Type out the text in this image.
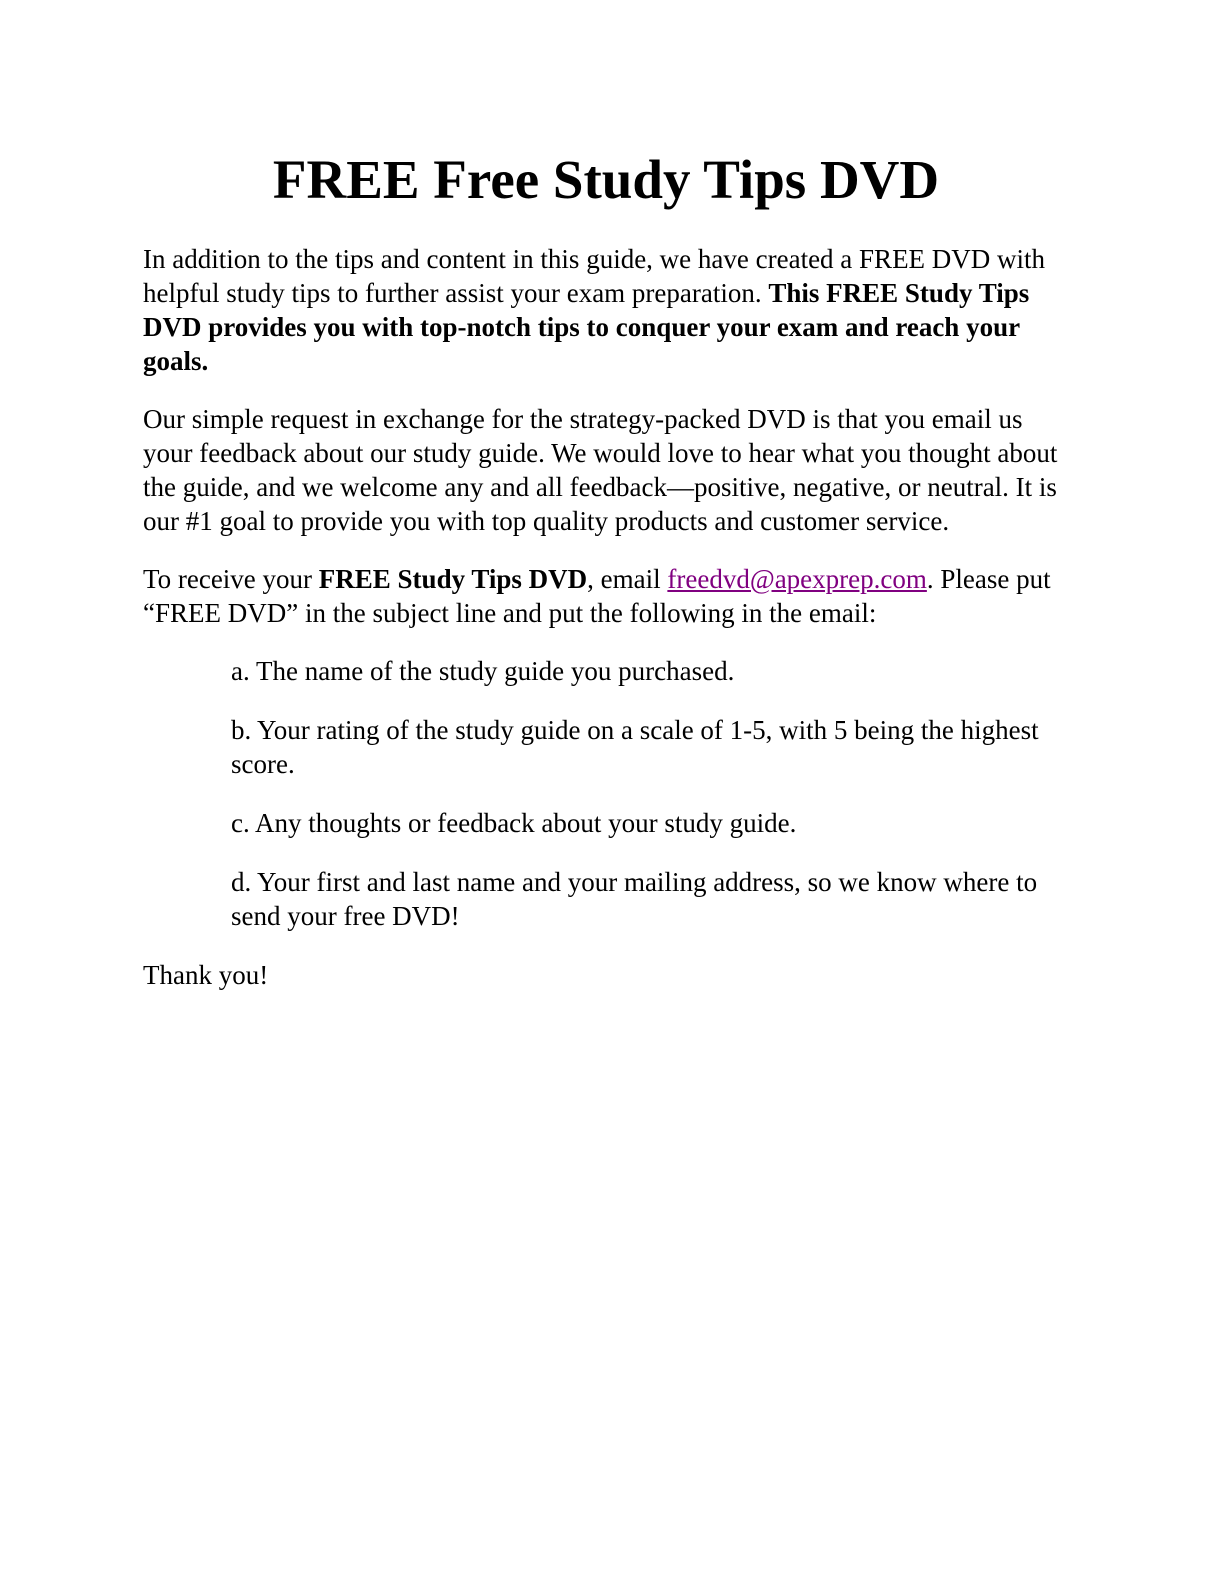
FREE Free Study Tips DVD

In addition to the tips and content in this guide, we have created a FREE DVD with helpful study tips to further assist your exam preparation. This FREE Study Tips DVD provides you with top-notch tips to conquer your exam and reach your goals.

Our simple request in exchange for the strategy-packed DVD is that you email us your feedback about our study guide. We would love to hear what you thought about the guide, and we welcome any and all feedback—positive, negative, or neutral. It is our #1 goal to provide you with top quality products and customer service.

To receive your FREE Study Tips DVD, email freedvd@apexprep.com. Please put “FREE DVD” in the subject line and put the following in the email:

a. The name of the study guide you purchased.

b. Your rating of the study guide on a scale of 1-5, with 5 being the highest score.

c. Any thoughts or feedback about your study guide.

d. Your first and last name and your mailing address, so we know where to send your free DVD!

Thank you!
